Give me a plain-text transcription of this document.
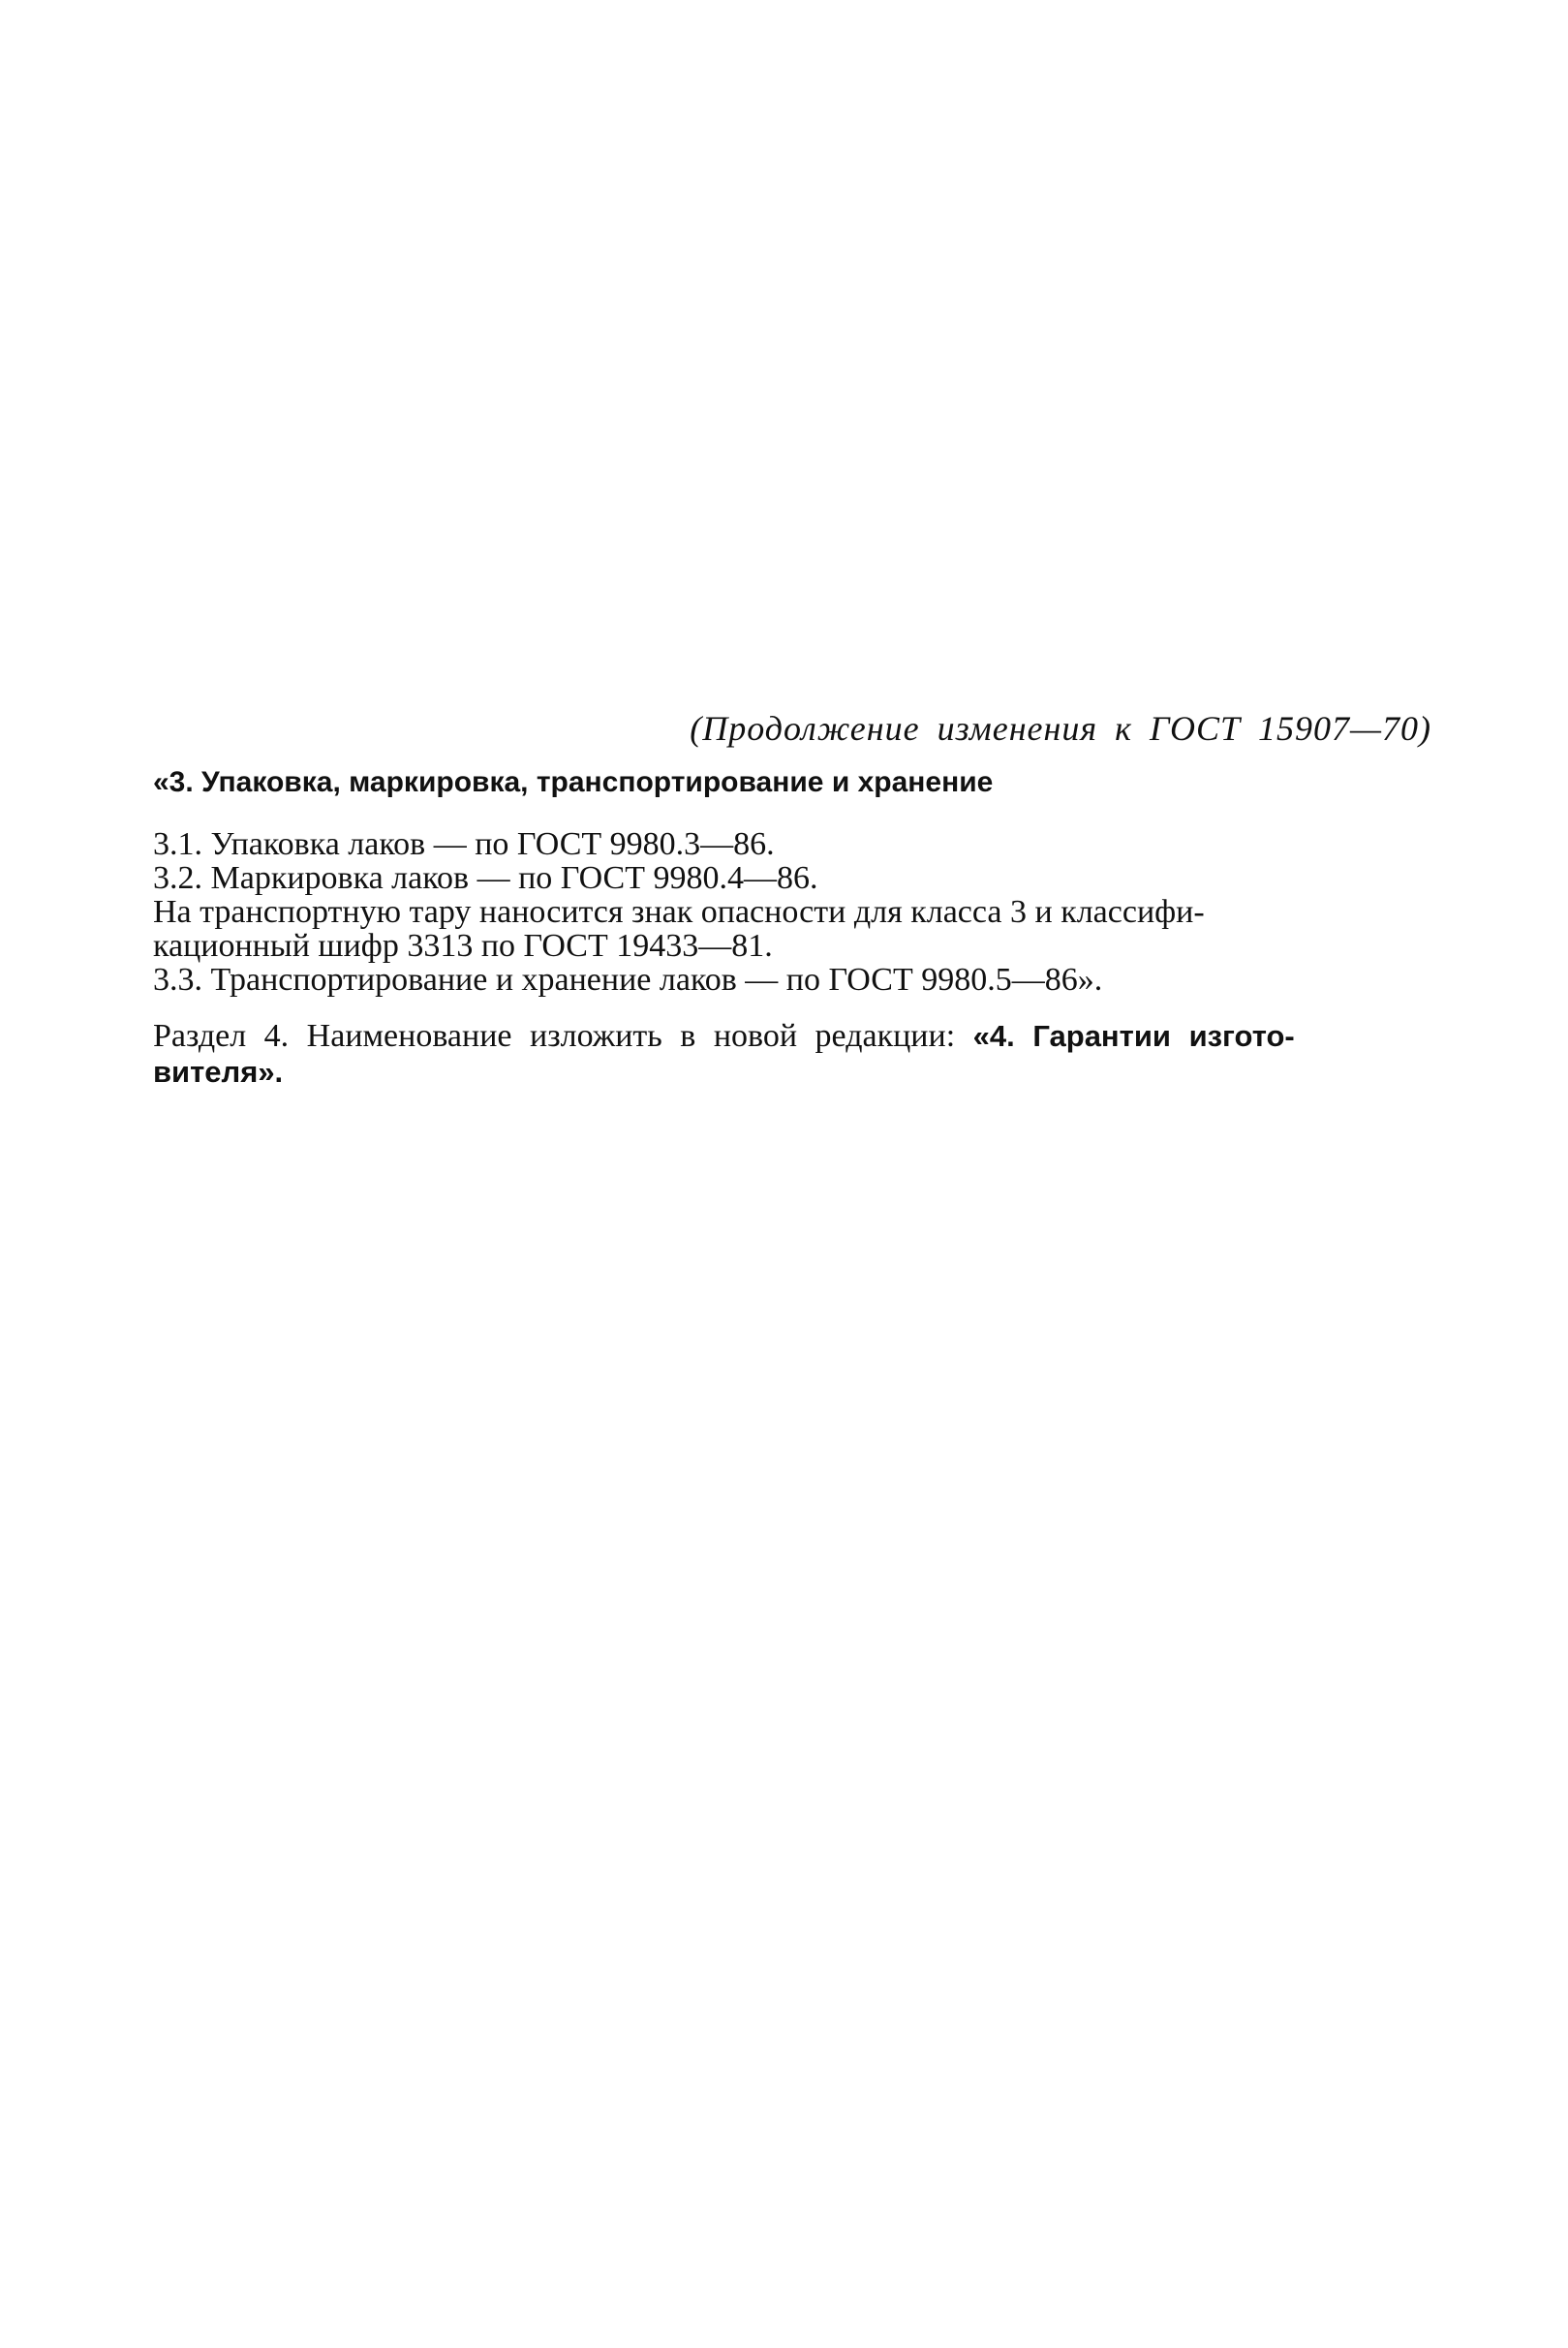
(Продолжение изменения к ГОСТ 15907—70)

«3. Упаковка, маркировка, транспортирование и хранение

3.1. Упаковка лаков — по ГОСТ 9980.3—86.

3.2. Маркировка лаков — по ГОСТ 9980.4—86.

На транспортную тару наносится знак опасности для класса 3 и классифи-

кационный шифр 3313 по ГОСТ 19433—81.

3.3. Транспортирование и хранение лаков — по ГОСТ 9980.5—86».

Раздел 4. Наименование изложить в новой редакции: «4. Гарантии изгото-
вителя».
